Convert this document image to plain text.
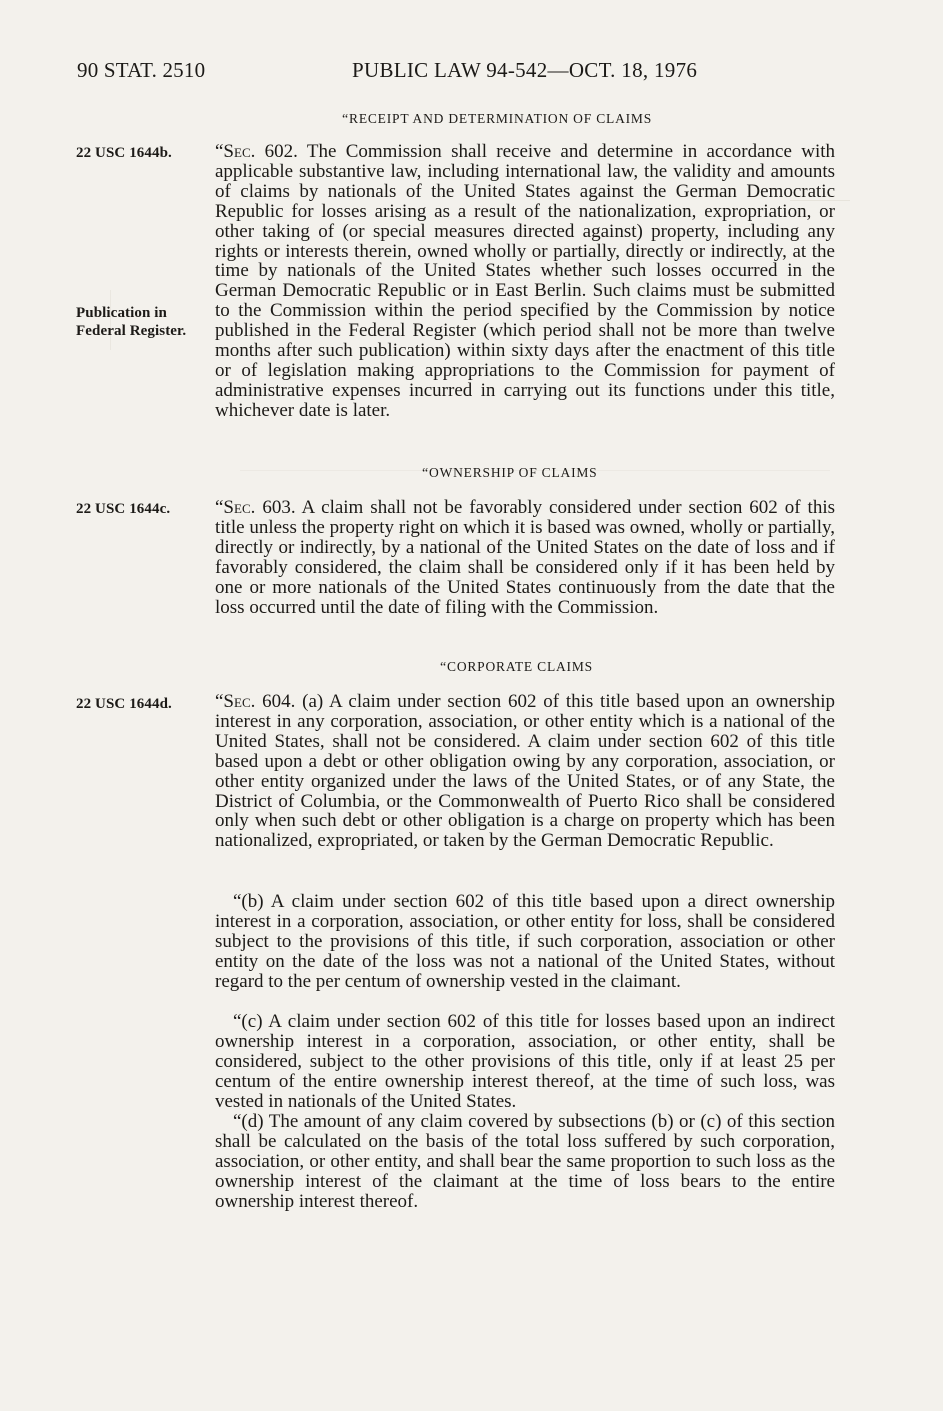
90 STAT. 2510	PUBLIC LAW 94-542—OCT. 18, 1976
“RECEIPT AND DETERMINATION OF CLAIMS
22 USC 1644b.
Publication in
Federal Register.

“Sec. 602. The Commission shall receive and determine in accordance with applicable substantive law, including international law, the validity and amounts of claims by nationals of the United States against the German Democratic Republic for losses arising as a result of the nationalization, expropriation, or other taking of (or special measures directed against) property, including any rights or interests therein, owned wholly or partially, directly or indirectly, at the time by nationals of the United States whether such losses occurred in the German Democratic Republic or in East Berlin. Such claims must be submitted to the Commission within the period specified by the Commission by notice published in the Federal Register (which period shall not be more than twelve months after such publication) within sixty days after the enactment of this title or of legislation making appropriations to the Commission for payment of administrative expenses incurred in carrying out its functions under this title, whichever date is later.

“OWNERSHIP OF CLAIMS
22 USC 1644c. “Sec. 603. A claim shall not be favorably considered under section 602 of this title unless the property right on which it is based was owned, wholly or partially, directly or indirectly, by a national of the United States on the date of loss and if favorably considered, the claim shall be considered only if it has been held by one or more nationals of the United States continuously from the date that the loss occurred until the date of filing with the Commission.

“CORPORATE CLAIMS
22 USC 1644d. “Sec. 604. (a) A claim under section 602 of this title based upon an ownership interest in any corporation, association, or other entity which is a national of the United States, shall not be considered. A claim under section 602 of this title based upon a debt or other obligation owing by any corporation, association, or other entity organized under the laws of the United States, or of any State, the District of Columbia, or the Commonwealth of Puerto Rico shall be considered only when such debt or other obligation is a charge on property which has been nationalized, expropriated, or taken by the German Democratic Republic.

“(b) A claim under section 602 of this title based upon a direct ownership interest in a corporation, association, or other entity for loss, shall be considered subject to the provisions of this title, if such corporation, association or other entity on the date of the loss was not a national of the United States, without regard to the per centum of ownership vested in the claimant.

“(c) A claim under section 602 of this title for losses based upon an indirect ownership interest in a corporation, association, or other entity, shall be considered, subject to the other provisions of this title, only if at least 25 per centum of the entire ownership interest thereof, at the time of such loss, was vested in nationals of the United States.

“(d) The amount of any claim covered by subsections (b) or (c) of this section shall be calculated on the basis of the total loss suffered by such corporation, association, or other entity, and shall bear the same proportion to such loss as the ownership interest of the claimant at the time of loss bears to the entire ownership interest thereof.
